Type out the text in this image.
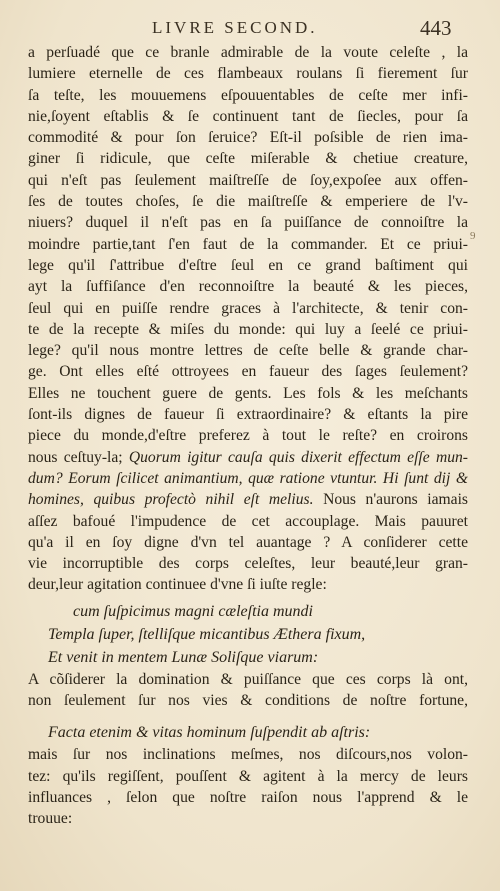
LIVRE SECOND.	443
9
a perſuadé que ce branle admirable de la voute celeſte , la
lumiere eternelle de ces flambeaux roulans ſi fierement ſur
ſa teſte, les mouuemens eſpouuentables de ceſte mer infi-
nie,ſoyent eſtablis & ſe continuent tant de ſiecles, pour ſa
commodité & pour ſon ſeruice? Eſt-il poſsible de rien ima-
giner ſi ridicule, que ceſte miſerable & chetiue creature,
qui n'eſt pas ſeulement maiſtreſſe de ſoy,expoſee aux offen-
ſes de toutes choſes, ſe die maiſtreſſe & emperiere de l'v-
niuers? duquel il n'eſt pas en ſa puiſſance de connoiſtre la
moindre partie,tant ſ'en faut de la commander. Et ce priui-
lege qu'il ſ'attribue d'eſtre ſeul en ce grand baſtiment qui
ayt la ſuffiſance d'en reconnoiſtre la beauté & les pieces,
ſeul qui en puiſſe rendre graces à l'architecte, & tenir con-
te de la recepte & miſes du monde: qui luy a ſeelé ce priui-
lege? qu'il nous montre lettres de ceſte belle & grande char-
ge. Ont elles eſté ottroyees en faueur des ſages ſeulement?
Elles ne touchent guere de gents. Les fols & les meſchants
ſont-ils dignes de faueur ſi extraordinaire? & eſtants la pire
piece du monde,d'eſtre preferez à tout le reſte? en croirons
nous ceſtuy-la; Quorum igitur cauſa quis dixerit effectum eſſe mun-
dum? Eorum ſcilicet animantium, quæ ratione vtuntur. Hi ſunt dij &
homines, quibus profectò nihil eſt melius. Nous n'aurons iamais
aſſez bafoué l'impudence de cet accouplage. Mais pauuret
qu'a il en ſoy digne d'vn tel auantage ? A conſiderer cette
vie incorruptible des corps celeſtes, leur beauté,leur gran-
deur,leur agitation continuee d'vne ſi iuſte regle:
cum ſuſpicimus magni cæleſtia mundi
Templa ſuper, ſtelliſque micantibus Æthera fixum,
Et venit in mentem Lunæ Soliſque viarum:
A cõſiderer la domination & puiſſance que ces corps là ont,
non ſeulement ſur nos vies & conditions de noſtre fortune,
Facta etenim & vitas hominum ſuſpendit ab aſtris:
mais ſur nos inclinations meſmes, nos diſcours,nos volon-
tez: qu'ils regiſſent, pouſſent & agitent à la mercy de leurs
influances , ſelon que noſtre raiſon nous l'apprend & le
trouue:
